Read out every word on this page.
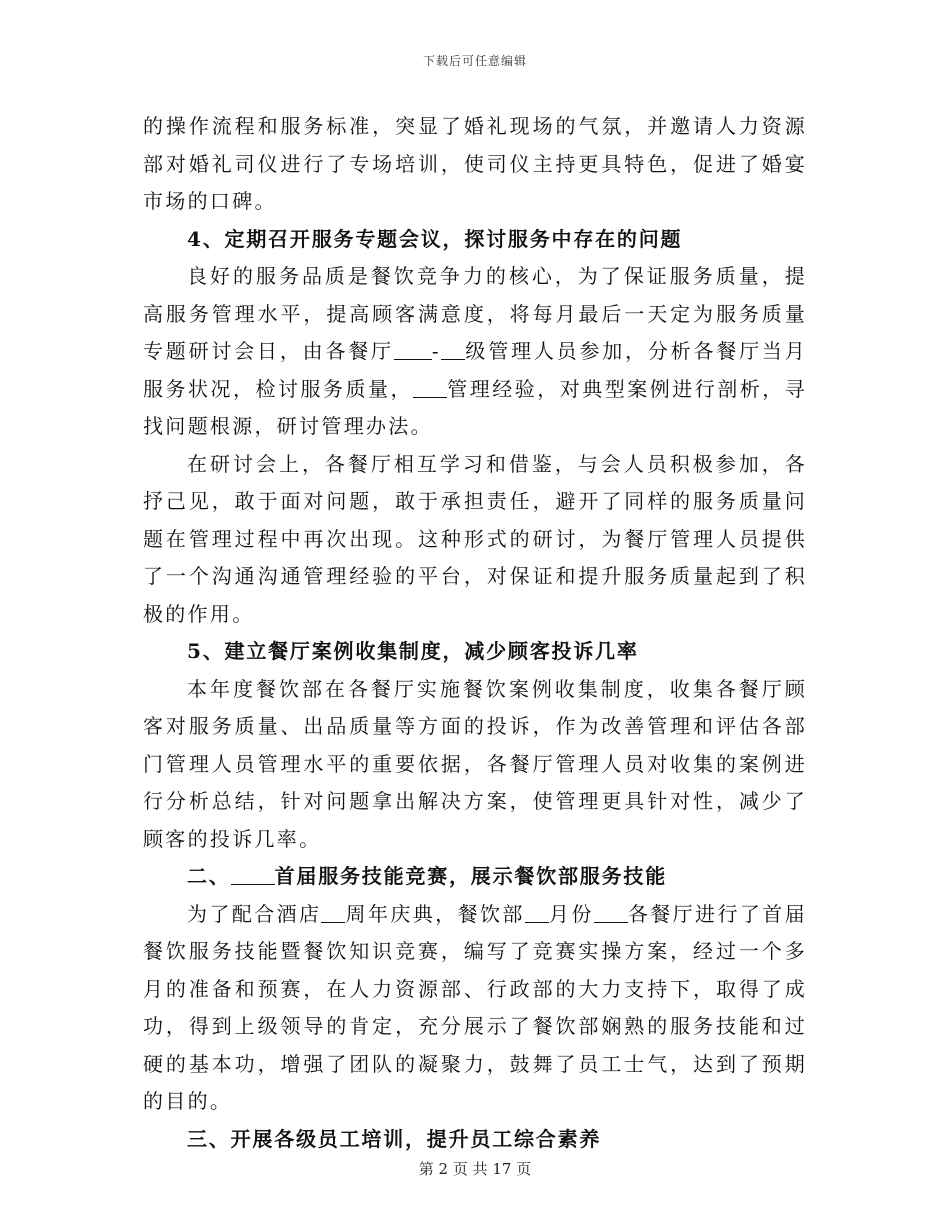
下载后可任意编辑

的操作流程和服务标准，突显了婚礼现场的气氛，并邀请人力资源部对婚礼司仪进行了专场培训，使司仪主持更具特色，促进了婚宴市场的口碑。

4、定期召开服务专题会议，探讨服务中存在的问题

良好的服务品质是餐饮竞争力的核心，为了保证服务质量，提高服务管理水平，提高顾客满意度，将每月最后一天定为服务质量专题研讨会日，由各餐厅 - 级管理人员参加，分析各餐厅当月服务状况，检讨服务质量， 管理经验，对典型案例进行剖析，寻找问题根源，研讨管理办法。

在研讨会上，各餐厅相互学习和借鉴，与会人员积极参加，各抒己见，敢于面对问题，敢于承担责任，避开了同样的服务质量问题在管理过程中再次出现。这种形式的研讨，为餐厅管理人员提供了一个沟通沟通管理经验的平台，对保证和提升服务质量起到了积极的作用。

5、建立餐厅案例收集制度，减少顾客投诉几率

本年度餐饮部在各餐厅实施餐饮案例收集制度，收集各餐厅顾客对服务质量、出品质量等方面的投诉，作为改善管理和评估各部门管理人员管理水平的重要依据，各餐厅管理人员对收集的案例进行分析总结，针对问题拿出解决方案，使管理更具针对性，减少了顾客的投诉几率。

二、 首届服务技能竞赛，展示餐饮部服务技能

为了配合酒店 周年庆典，餐饮部 月份 各餐厅进行了首届餐饮服务技能暨餐饮知识竞赛，编写了竞赛实操方案，经过一个多月的准备和预赛，在人力资源部、行政部的大力支持下，取得了成功，得到上级领导的肯定，充分展示了餐饮部娴熟的服务技能和过硬的基本功，增强了团队的凝聚力，鼓舞了员工士气，达到了预期的目的。

三、开展各级员工培训，提升员工综合素养

第 2 页 共 17 页
